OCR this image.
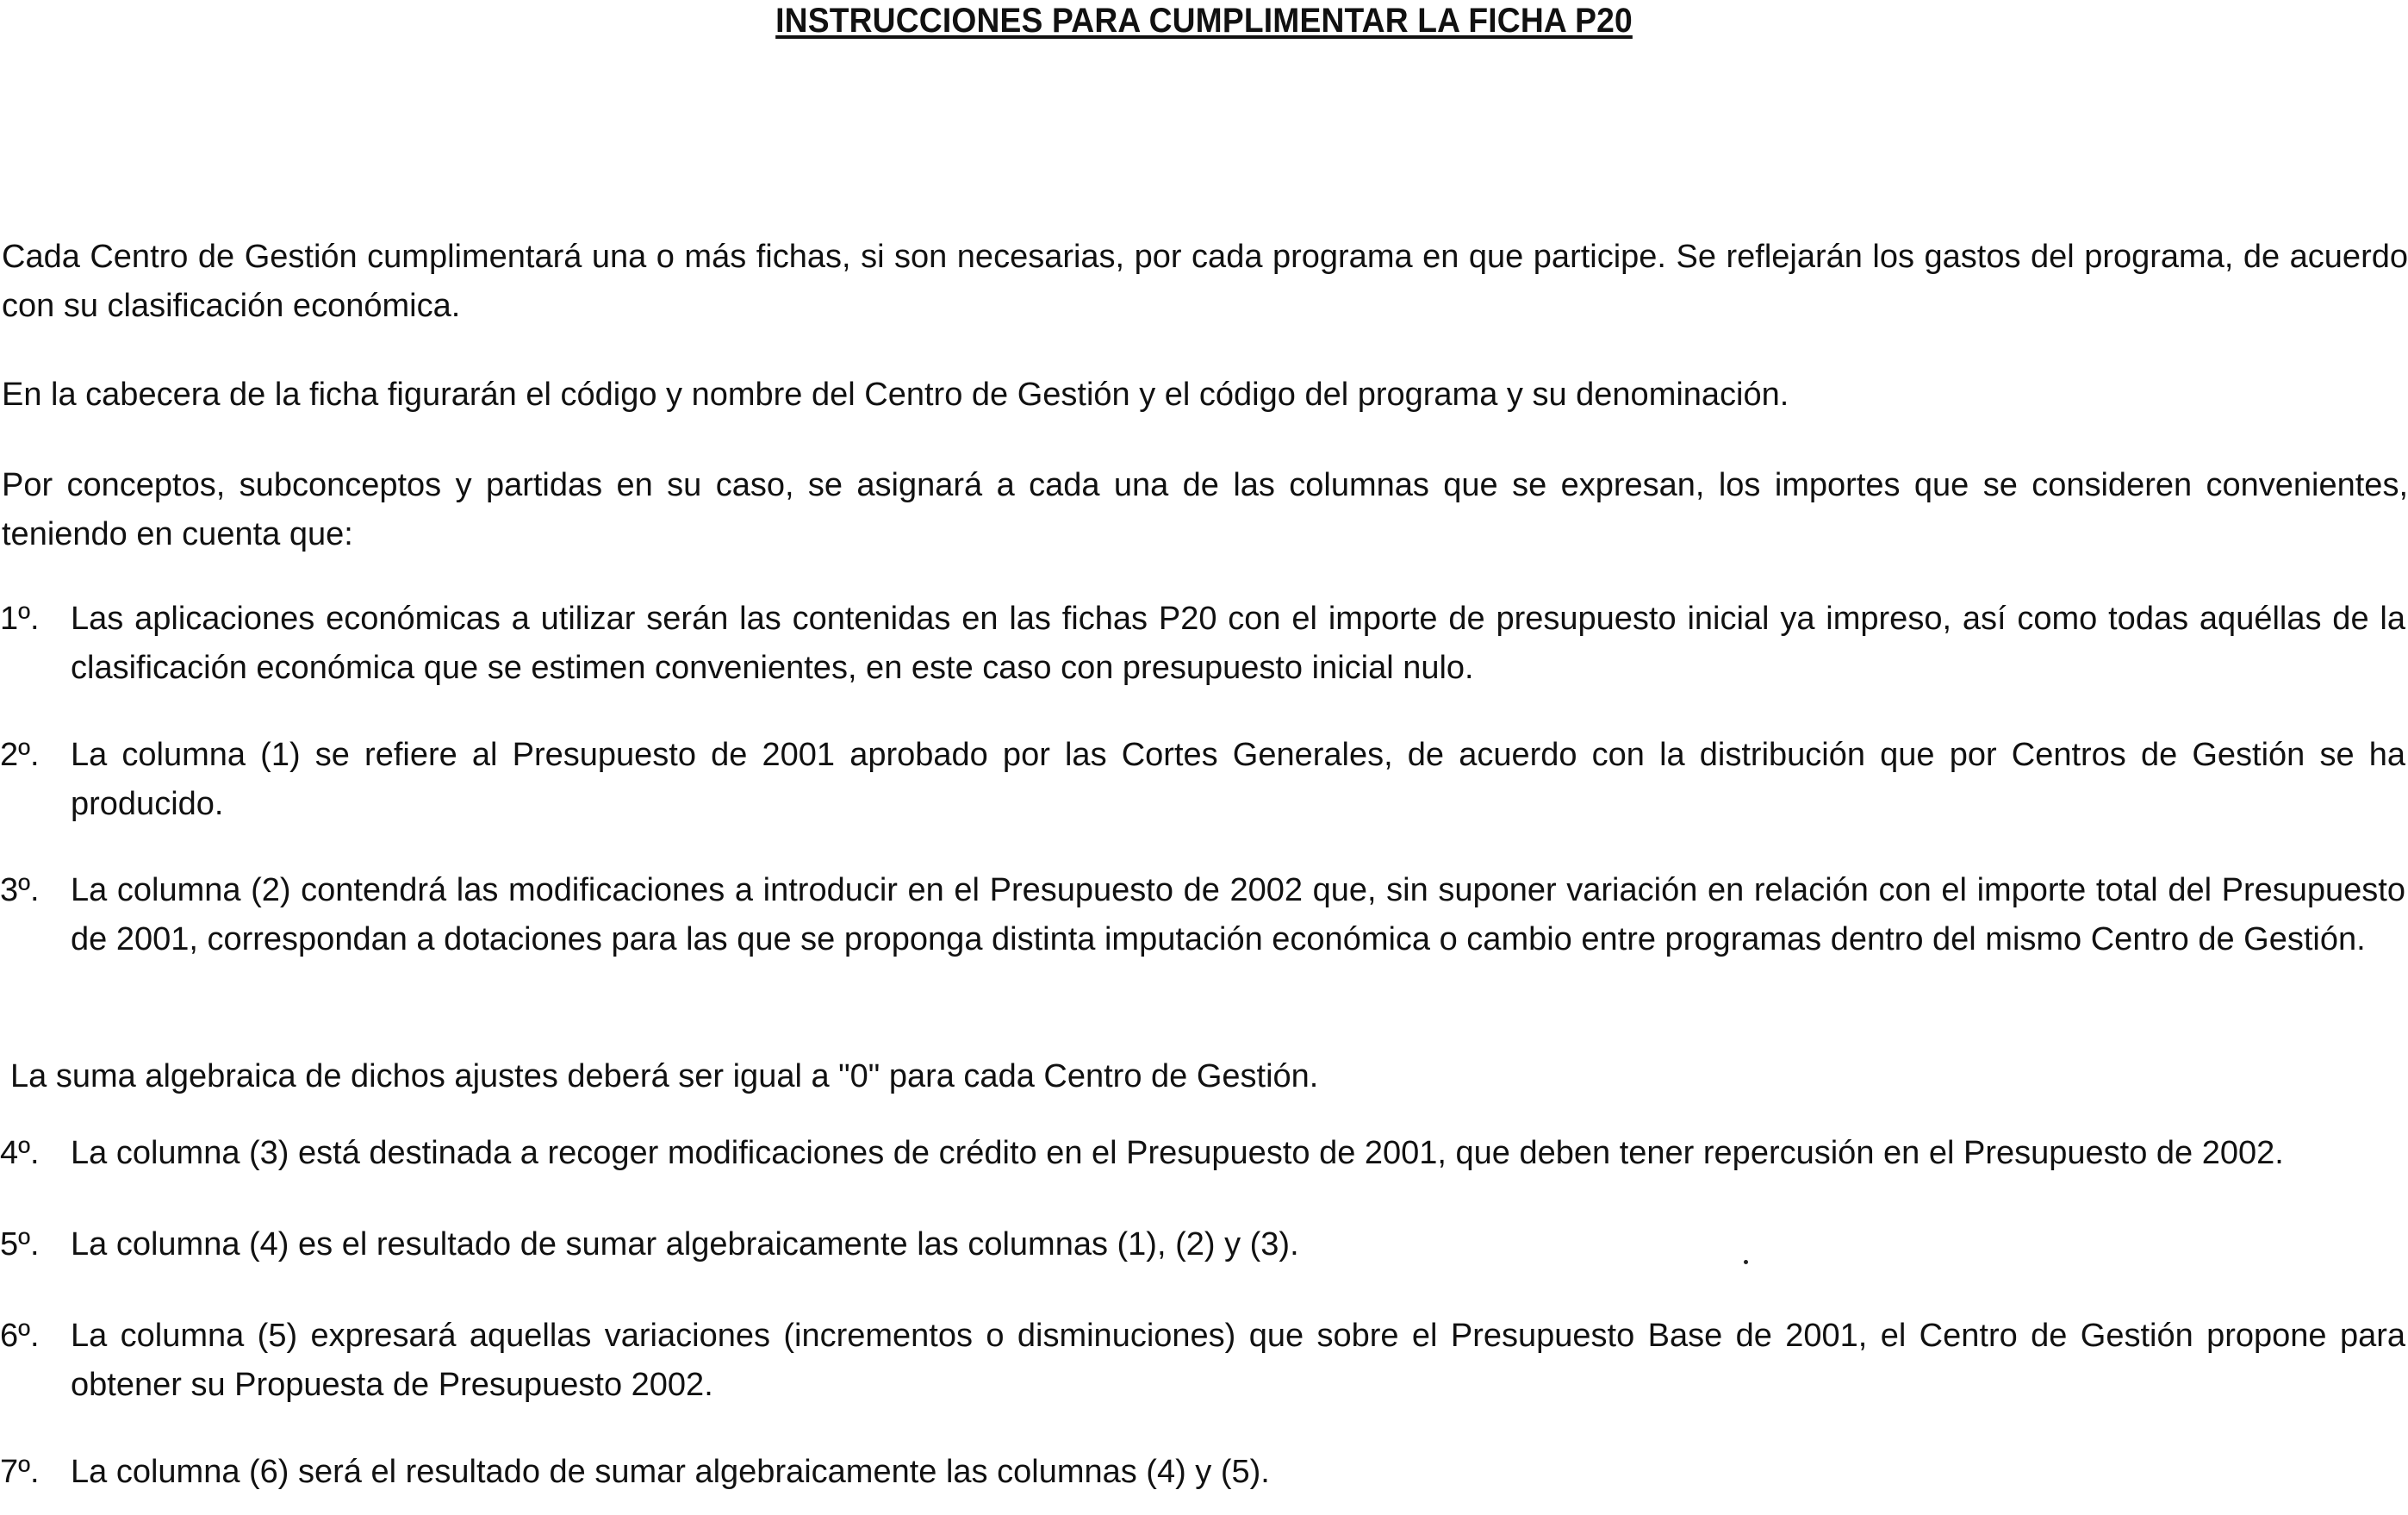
INSTRUCCIONES PARA CUMPLIMENTAR LA FICHA P20
Cada Centro de Gestión cumplimentará una o más fichas, si son necesarias, por cada programa en que participe. Se reflejarán los gastos del programa, de acuerdo con su clasificación económica.
En la cabecera de la ficha figurarán el código y nombre del Centro de Gestión y el código del programa y su denominación.
Por conceptos, subconceptos y partidas en su caso, se asignará a cada una de las columnas que se expresan, los importes que se consideren convenientes, teniendo en cuenta que:
1º. Las aplicaciones económicas a utilizar serán las contenidas en las fichas P20 con el importe de presupuesto inicial ya impreso, así como todas aquéllas de la clasificación económica que se estimen convenientes, en este caso con presupuesto inicial nulo.
2º. La columna (1) se refiere al Presupuesto de 2001 aprobado por las Cortes Generales, de acuerdo con la distribución que por Centros de Gestión se ha producido.
3º. La columna (2) contendrá las modificaciones a introducir en el Presupuesto de 2002 que, sin suponer variación en relación con el importe total del Presupuesto de 2001, correspondan a dotaciones para las que se proponga distinta imputación económica o cambio entre programas dentro del mismo Centro de Gestión.
La suma algebraica de dichos ajustes deberá ser igual a "0" para cada Centro de Gestión.
4º. La columna (3) está destinada a recoger modificaciones de crédito en el Presupuesto de 2001, que deben tener repercusión en el Presupuesto de 2002.
5º. La columna (4) es el resultado de sumar algebraicamente las columnas (1), (2) y (3).
6º. La columna (5) expresará aquellas variaciones (incrementos o disminuciones) que sobre el Presupuesto Base de 2001, el Centro de Gestión propone para obtener su Propuesta de Presupuesto 2002.
7º. La columna (6) será el resultado de sumar algebraicamente las columnas (4) y (5).
